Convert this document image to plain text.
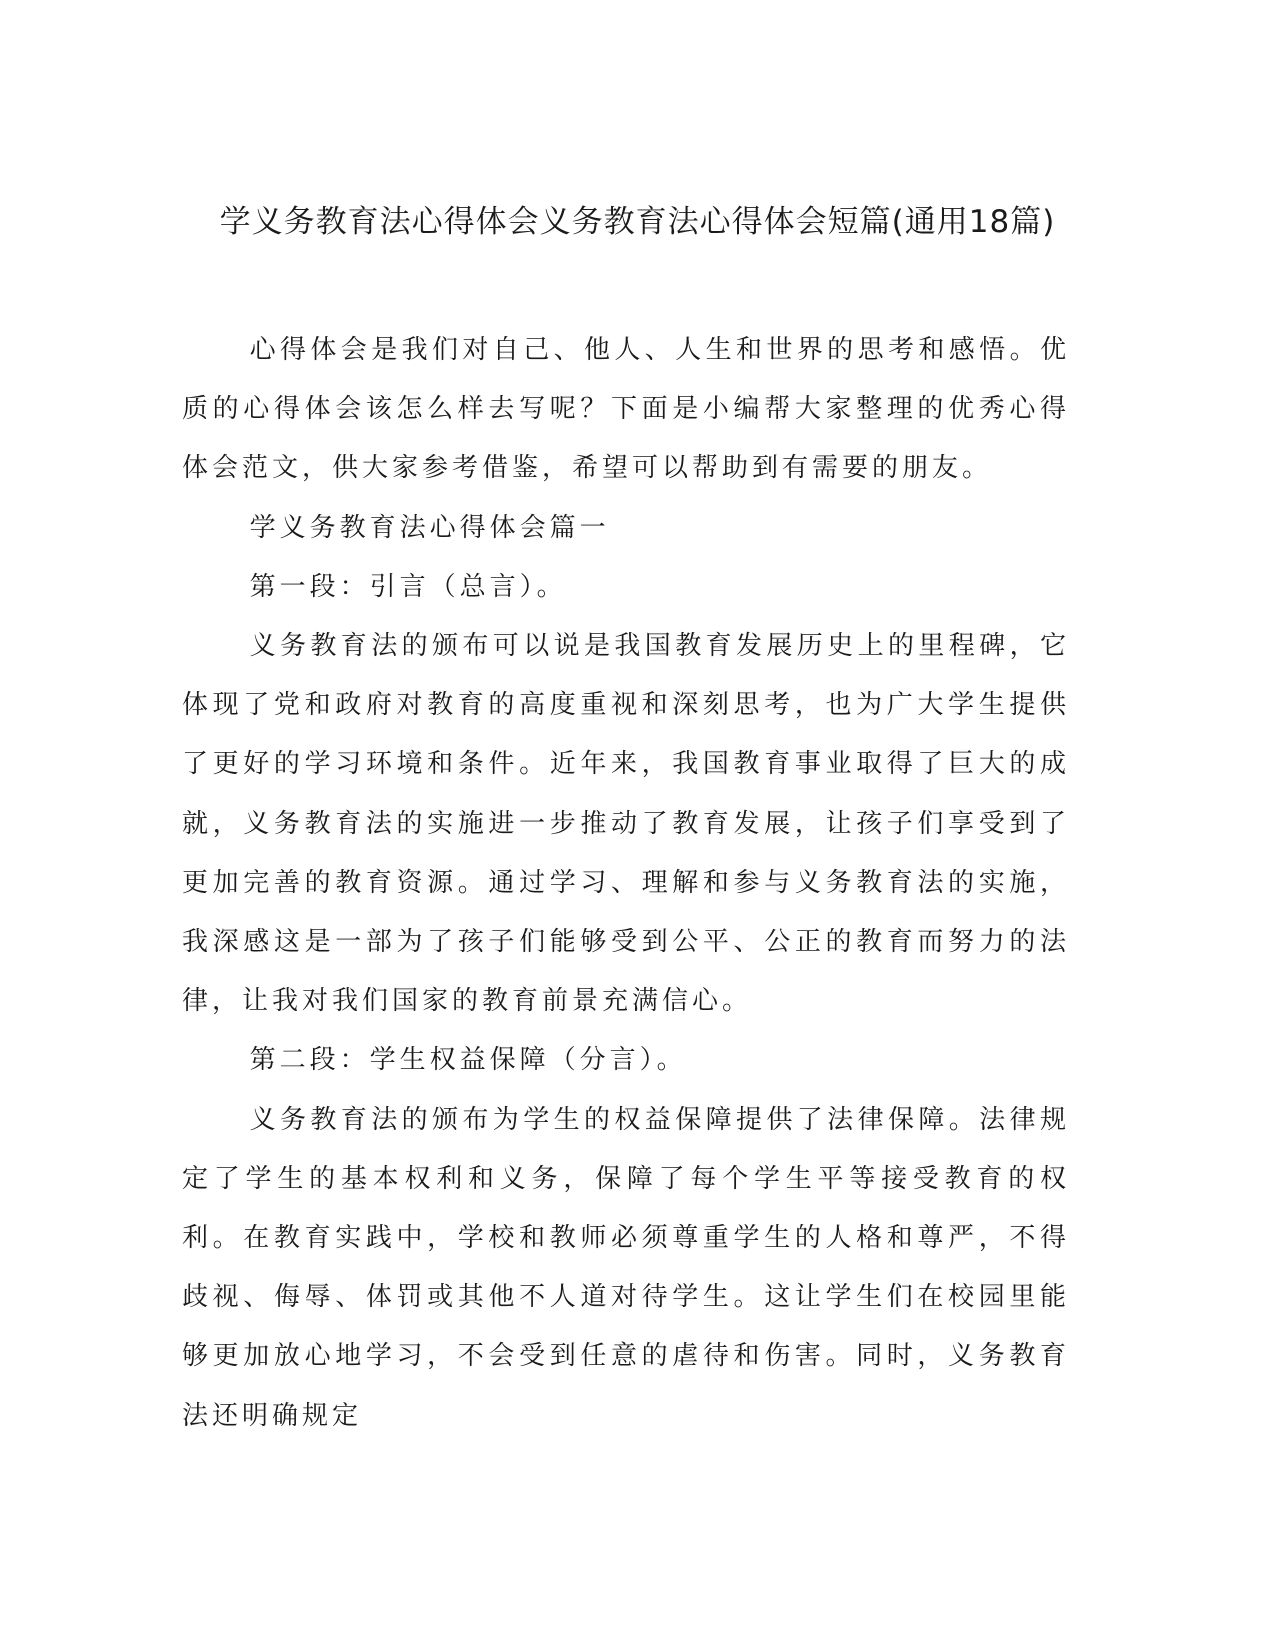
学义务教育法心得体会义务教育法心得体会短篇(通用18篇)

心得体会是我们对自己、他人、人生和世界的思考和感悟。优质的心得体会该怎么样去写呢？下面是小编帮大家整理的优秀心得体会范文，供大家参考借鉴，希望可以帮助到有需要的朋友。

学义务教育法心得体会篇一

第一段：引言（总言）。

义务教育法的颁布可以说是我国教育发展历史上的里程碑，它体现了党和政府对教育的高度重视和深刻思考，也为广大学生提供了更好的学习环境和条件。近年来，我国教育事业取得了巨大的成就，义务教育法的实施进一步推动了教育发展，让孩子们享受到了更加完善的教育资源。通过学习、理解和参与义务教育法的实施，我深感这是一部为了孩子们能够受到公平、公正的教育而努力的法律，让我对我们国家的教育前景充满信心。

第二段：学生权益保障（分言）。

义务教育法的颁布为学生的权益保障提供了法律保障。法律规定了学生的基本权利和义务，保障了每个学生平等接受教育的权利。在教育实践中，学校和教师必须尊重学生的人格和尊严，不得歧视、侮辱、体罚或其他不人道对待学生。这让学生们在校园里能够更加放心地学习，不会受到任意的虐待和伤害。同时，义务教育法还明确规定
